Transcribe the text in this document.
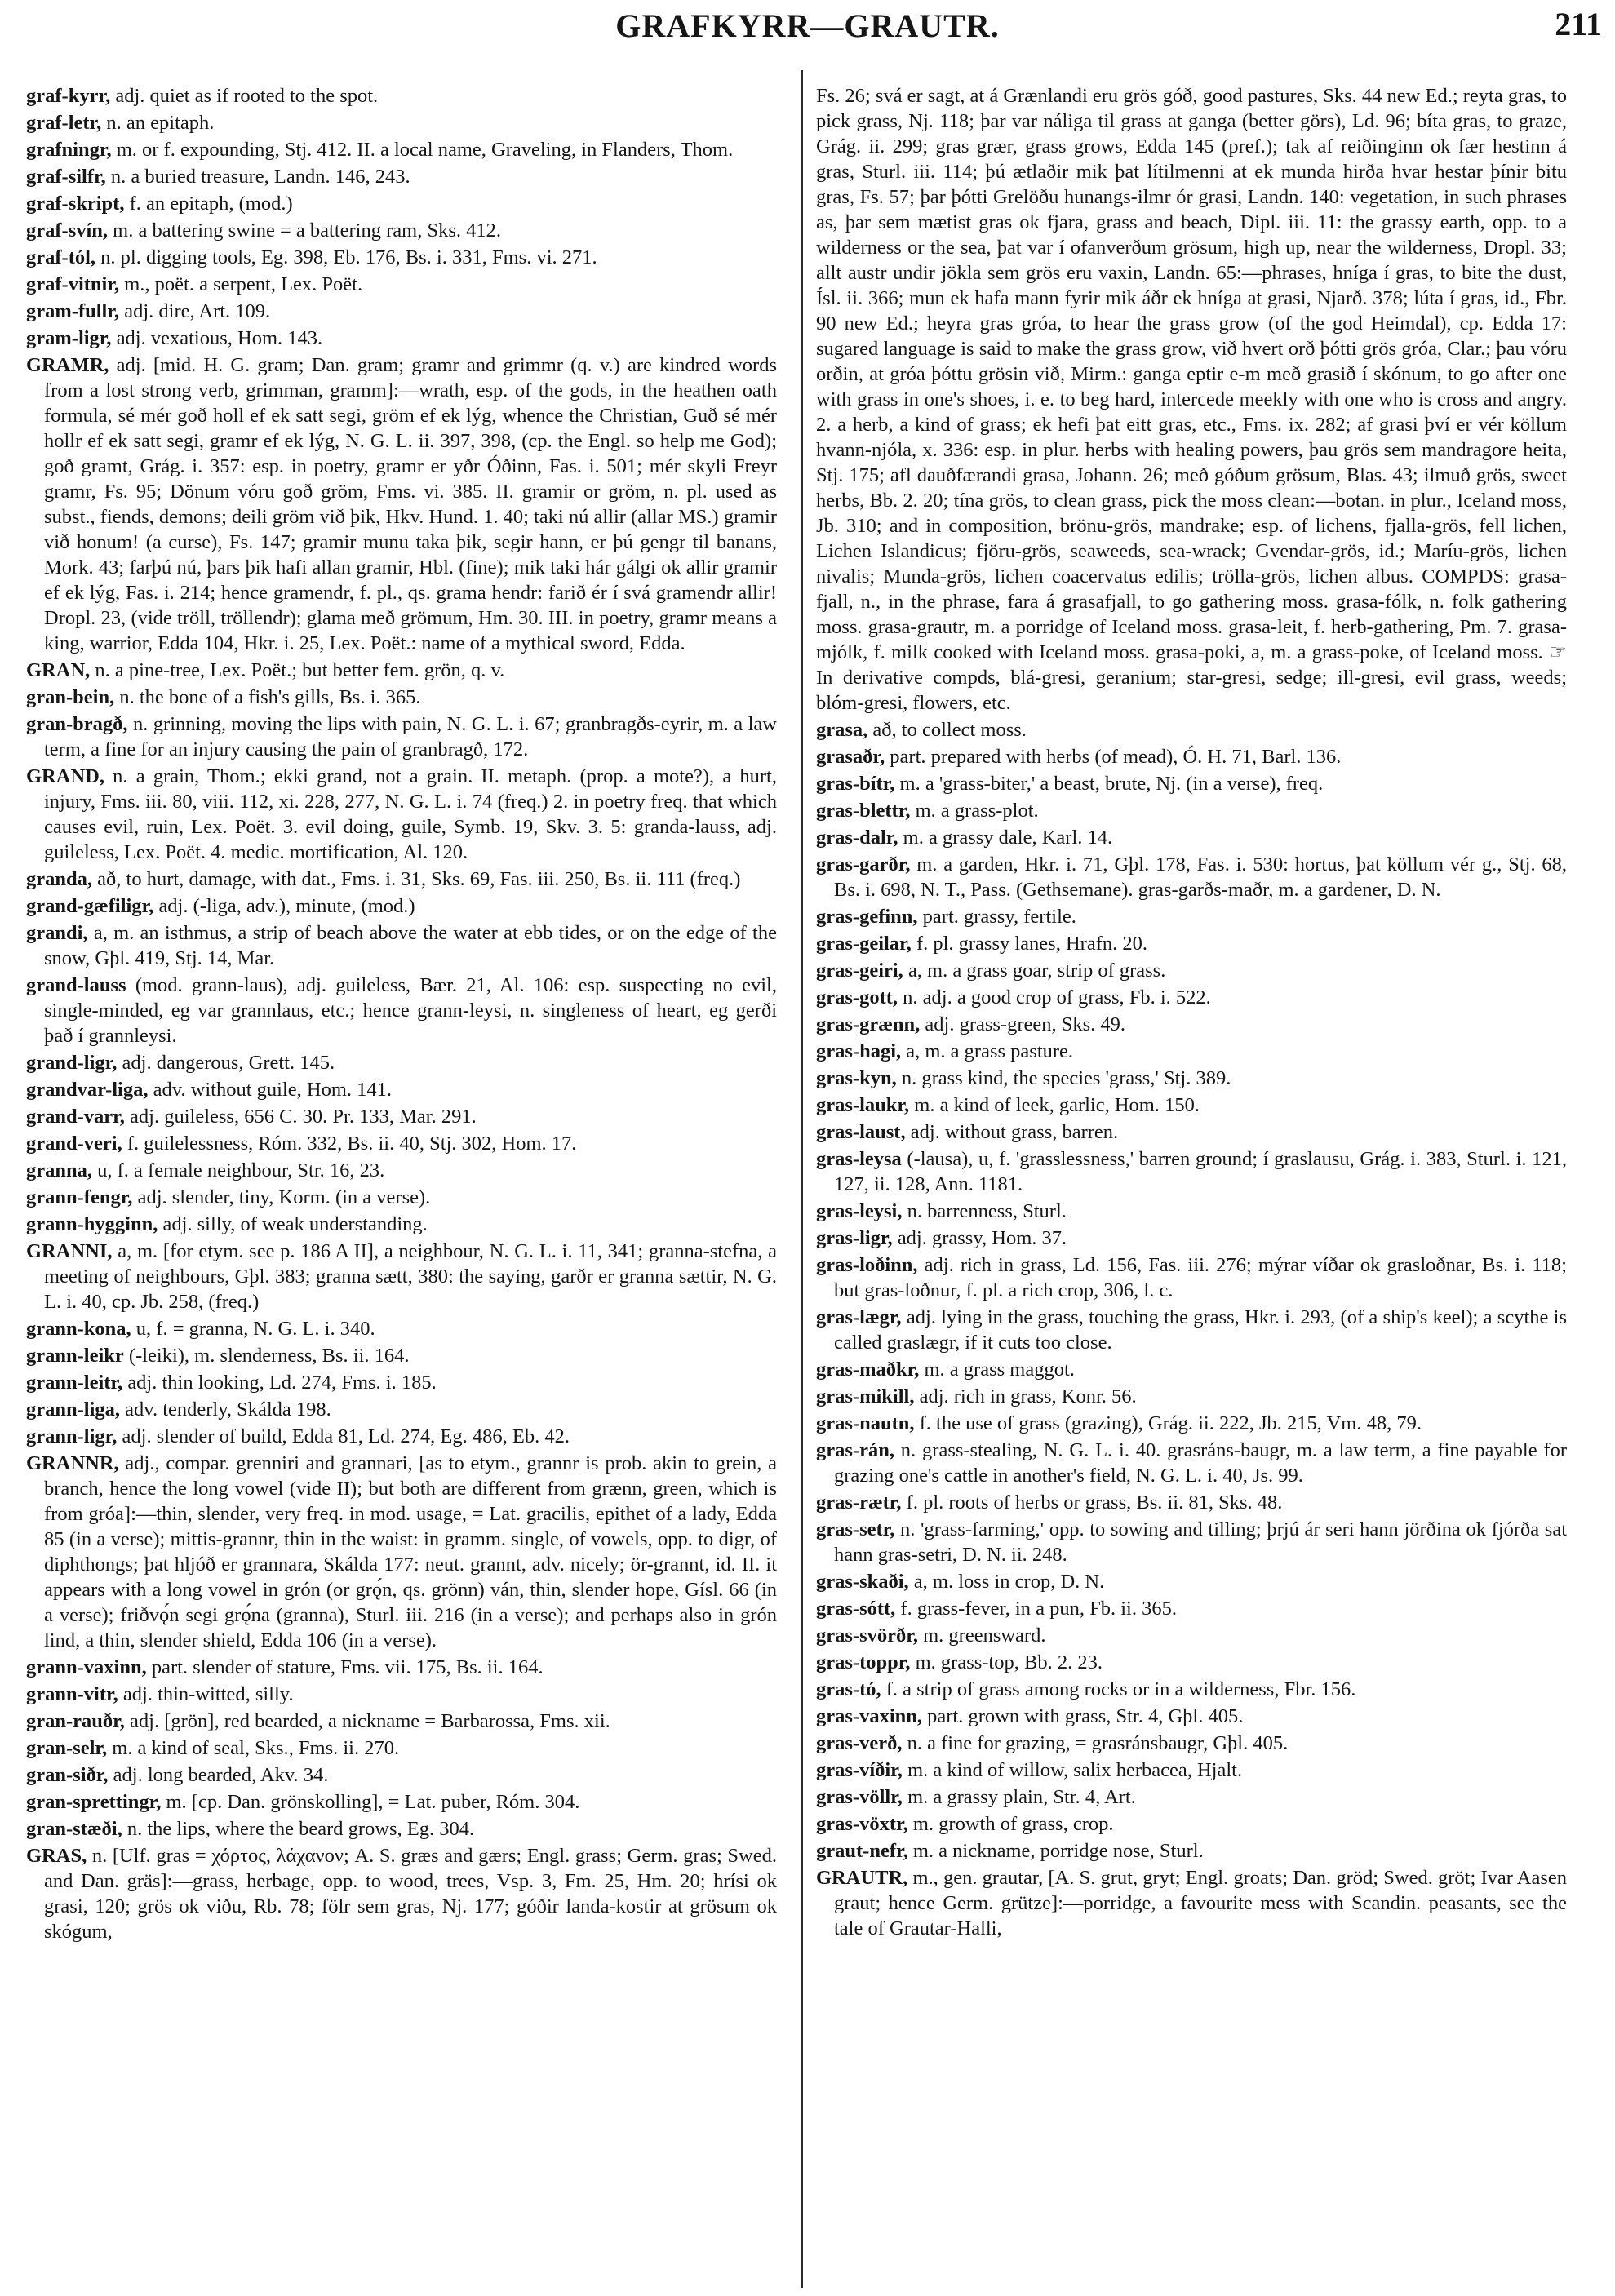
GRAFKYRR—GRAUTR.	211

graf-kyrr, adj. quiet as if rooted to the spot.

graf-letr, n. an epitaph.

grafningr, m. or f. expounding, Stj. 412. II. a local name, Graveling, in Flanders, Thom.

graf-silfr, n. a buried treasure, Landn. 146, 243.

graf-skript, f. an epitaph, (mod.)

graf-svín, m. a battering swine = a battering ram, Sks. 412.

graf-tól, n. pl. digging tools, Eg. 398, Eb. 176, Bs. i. 331, Fms. vi. 271.

graf-vitnir, m., poët. a serpent, Lex. Poët.

gram-fullr, adj. dire, Art. 109.

gram-ligr, adj. vexatious, Hom. 143.

GRAMR, adj. [mid. H. G. gram; Dan. gram; gramr and grimmr (q. v.) are kindred words from a lost strong verb, grimman, gramm]:—wrath, esp. of the gods, in the heathen oath formula, sé mér goð holl ef ek satt segi, gröm ef ek lýg, whence the Christian, Guð sé mér hollr ef ek satt segi, gramr ef ek lýg, N. G. L. ii. 397, 398, (cp. the Engl. so help me God); goð gramt, Grág. i. 357: esp. in poetry, gramr er yðr Óðinn, Fas. i. 501; mér skyli Freyr gramr, Fs. 95; Dönum vóru goð gröm, Fms. vi. 385. II. gramir or gröm, n. pl. used as subst., fiends, demons; deili gröm við þik, Hkv. Hund. 1. 40; taki nú allir (allar MS.) gramir við honum! (a curse), Fs. 147; gramir munu taka þik, segir hann, er þú gengr til banans, Mork. 43; farþú nú, þars þik hafi allan gramir, Hbl. (fine); mik taki hár gálgi ok allir gramir ef ek lýg, Fas. i. 214; hence gramendr, f. pl., qs. grama hendr: farið ér í svá gramendr allir! Dropl. 23, (vide tröll, tröllendr); glama með grömum, Hm. 30. III. in poetry, gramr means a king, warrior, Edda 104, Hkr. i. 25, Lex. Poët.: name of a mythical sword, Edda.

GRAN, n. a pine-tree, Lex. Poët.; but better fem. grön, q. v.

gran-bein, n. the bone of a fish's gills, Bs. i. 365.

gran-bragð, n. grinning, moving the lips with pain, N. G. L. i. 67; granbragðs-eyrir, m. a law term, a fine for an injury causing the pain of granbragð, 172.

GRAND, n. a grain, Thom.; ekki grand, not a grain. II. metaph. (prop. a mote?), a hurt, injury, Fms. iii. 80, viii. 112, xi. 228, 277, N. G. L. i. 74 (freq.) 2. in poetry freq. that which causes evil, ruin, Lex. Poët. 3. evil doing, guile, Symb. 19, Skv. 3. 5: granda-lauss, adj. guileless, Lex. Poët. 4. medic. mortification, Al. 120.

granda, að, to hurt, damage, with dat., Fms. i. 31, Sks. 69, Fas. iii. 250, Bs. ii. 111 (freq.)

grand-gæfiligr, adj. (-liga, adv.), minute, (mod.)

grandi, a, m. an isthmus, a strip of beach above the water at ebb tides, or on the edge of the snow, Gþl. 419, Stj. 14, Mar.

grand-lauss (mod. grann-laus), adj. guileless, Bær. 21, Al. 106: esp. suspecting no evil, single-minded, eg var grannlaus, etc.; hence grann-leysi, n. singleness of heart, eg gerði það í grannleysi.

grand-ligr, adj. dangerous, Grett. 145.

grandvar-liga, adv. without guile, Hom. 141.

grand-varr, adj. guileless, 656 C. 30. Pr. 133, Mar. 291.

grand-veri, f. guilelessness, Róm. 332, Bs. ii. 40, Stj. 302, Hom. 17.

granna, u, f. a female neighbour, Str. 16, 23.

grann-fengr, adj. slender, tiny, Korm. (in a verse).

grann-hygginn, adj. silly, of weak understanding.

GRANNI, a, m. [for etym. see p. 186 A II], a neighbour, N. G. L. i. 11, 341; granna-stefna, a meeting of neighbours, Gþl. 383; granna sætt, 380: the saying, garðr er granna sættir, N. G. L. i. 40, cp. Jb. 258, (freq.)

grann-kona, u, f. = granna, N. G. L. i. 340.

grann-leikr (-leiki), m. slenderness, Bs. ii. 164.

grann-leitr, adj. thin looking, Ld. 274, Fms. i. 185.

grann-liga, adv. tenderly, Skálda 198.

grann-ligr, adj. slender of build, Edda 81, Ld. 274, Eg. 486, Eb. 42.

GRANNR, adj., compar. grenniri and grannari, [as to etym., grannr is prob. akin to grein, a branch, hence the long vowel (vide II); but both are different from grænn, green, which is from gróa]:—thin, slender, very freq. in mod. usage, = Lat. gracilis, epithet of a lady, Edda 85 (in a verse); mittis-grannr, thin in the waist: in gramm. single, of vowels, opp. to digr, of diphthongs; þat hljóð er grannara, Skálda 177: neut. grannt, adv. nicely; ör-grannt, id. II. it appears with a long vowel in grón (or grǫ́n, qs. grönn) ván, thin, slender hope, Gísl. 66 (in a verse); friðvǫ́n segi grǫ́na (granna), Sturl. iii. 216 (in a verse); and perhaps also in grón lind, a thin, slender shield, Edda 106 (in a verse).

grann-vaxinn, part. slender of stature, Fms. vii. 175, Bs. ii. 164.

grann-vitr, adj. thin-witted, silly.

gran-rauðr, adj. [grön], red bearded, a nickname = Barbarossa, Fms. xii.

gran-selr, m. a kind of seal, Sks., Fms. ii. 270.

gran-siðr, adj. long bearded, Akv. 34.

gran-sprettingr, m. [cp. Dan. grönskolling], = Lat. puber, Róm. 304.

gran-stæði, n. the lips, where the beard grows, Eg. 304.

GRAS, n. [Ulf. gras = χόρτος, λάχανον; A. S. græs and gærs; Engl. grass; Germ. gras; Swed. and Dan. gräs]:—grass, herbage, opp. to wood, trees, Vsp. 3, Fm. 25, Hm. 20; hrísi ok grasi, 120; grös ok viðu, Rb. 78; fölr sem gras, Nj. 177; góðir landa-kostir at grösum ok skógum,

Fs. 26; svá er sagt, at á Grænlandi eru grös góð, good pastures, Sks. 44 new Ed.; reyta gras, to pick grass, Nj. 118; þar var náliga til grass at ganga (better görs), Ld. 96; bíta gras, to graze, Grág. ii. 299; gras grær, grass grows, Edda 145 (pref.); tak af reiðinginn ok fær hestinn á gras, Sturl. iii. 114; þú ætlaðir mik þat lítilmenni at ek munda hirða hvar hestar þínir bitu gras, Fs. 57; þar þótti Grelöðu hunangs-ilmr ór grasi, Landn. 140: vegetation, in such phrases as, þar sem mætist gras ok fjara, grass and beach, Dipl. iii. 11: the grassy earth, opp. to a wilderness or the sea, þat var í ofanverðum grösum, high up, near the wilderness, Dropl. 33; allt austr undir jökla sem grös eru vaxin, Landn. 65:—phrases, hníga í gras, to bite the dust, Ísl. ii. 366; mun ek hafa mann fyrir mik áðr ek hníga at grasi, Njarð. 378; lúta í gras, id., Fbr. 90 new Ed.; heyra gras gróa, to hear the grass grow (of the god Heimdal), cp. Edda 17: sugared language is said to make the grass grow, við hvert orð þótti grös gróa, Clar.; þau vóru orðin, at gróa þóttu grösin við, Mirm.: ganga eptir e-m með grasið í skónum, to go after one with grass in one's shoes, i. e. to beg hard, intercede meekly with one who is cross and angry. 2. a herb, a kind of grass; ek hefi þat eitt gras, etc., Fms. ix. 282; af grasi því er vér köllum hvann-njóla, x. 336: esp. in plur. herbs with healing powers, þau grös sem mandragore heita, Stj. 175; afl dauðfærandi grasa, Johann. 26; með góðum grösum, Blas. 43; ilmuð grös, sweet herbs, Bb. 2. 20; tína grös, to clean grass, pick the moss clean:—botan. in plur., Iceland moss, Jb. 310; and in composition, brönu-grös, mandrake; esp. of lichens, fjalla-grös, fell lichen, Lichen Islandicus; fjöru-grös, seaweeds, sea-wrack; Gvendar-grös, id.; Maríu-grös, lichen nivalis; Munda-grös, lichen coacervatus edilis; trölla-grös, lichen albus. COMPDS: grasa-fjall, n., in the phrase, fara á grasafjall, to go gathering moss. grasa-fólk, n. folk gathering moss. grasa-grautr, m. a porridge of Iceland moss. grasa-leit, f. herb-gathering, Pm. 7. grasa-mjólk, f. milk cooked with Iceland moss. grasa-poki, a, m. a grass-poke, of Iceland moss. ☞ In derivative compds, blá-gresi, geranium; star-gresi, sedge; ill-gresi, evil grass, weeds; blóm-gresi, flowers, etc.

grasa, að, to collect moss.

grasaðr, part. prepared with herbs (of mead), Ó. H. 71, Barl. 136.

gras-bítr, m. a 'grass-biter,' a beast, brute, Nj. (in a verse), freq.

gras-blettr, m. a grass-plot.

gras-dalr, m. a grassy dale, Karl. 14.

gras-garðr, m. a garden, Hkr. i. 71, Gþl. 178, Fas. i. 530: hortus, þat köllum vér g., Stj. 68, Bs. i. 698, N. T., Pass. (Gethsemane). gras-garðs-maðr, m. a gardener, D. N.

gras-gefinn, part. grassy, fertile.

gras-geilar, f. pl. grassy lanes, Hrafn. 20.

gras-geiri, a, m. a grass goar, strip of grass.

gras-gott, n. adj. a good crop of grass, Fb. i. 522.

gras-grænn, adj. grass-green, Sks. 49.

gras-hagi, a, m. a grass pasture.

gras-kyn, n. grass kind, the species 'grass,' Stj. 389.

gras-laukr, m. a kind of leek, garlic, Hom. 150.

gras-laust, adj. without grass, barren.

gras-leysa (-lausa), u, f. 'grasslessness,' barren ground; í graslausu, Grág. i. 383, Sturl. i. 121, 127, ii. 128, Ann. 1181.

gras-leysi, n. barrenness, Sturl.

gras-ligr, adj. grassy, Hom. 37.

gras-loðinn, adj. rich in grass, Ld. 156, Fas. iii. 276; mýrar víðar ok grasloðnar, Bs. i. 118; but gras-loðnur, f. pl. a rich crop, 306, l. c.

gras-lægr, adj. lying in the grass, touching the grass, Hkr. i. 293, (of a ship's keel); a scythe is called graslægr, if it cuts too close.

gras-maðkr, m. a grass maggot.

gras-mikill, adj. rich in grass, Konr. 56.

gras-nautn, f. the use of grass (grazing), Grág. ii. 222, Jb. 215, Vm. 48, 79.

gras-rán, n. grass-stealing, N. G. L. i. 40. grasráns-baugr, m. a law term, a fine payable for grazing one's cattle in another's field, N. G. L. i. 40, Js. 99.

gras-rætr, f. pl. roots of herbs or grass, Bs. ii. 81, Sks. 48.

gras-setr, n. 'grass-farming,' opp. to sowing and tilling; þrjú ár seri hann jörðina ok fjórða sat hann gras-setri, D. N. ii. 248.

gras-skaði, a, m. loss in crop, D. N.

gras-sótt, f. grass-fever, in a pun, Fb. ii. 365.

gras-svörðr, m. greensward.

gras-toppr, m. grass-top, Bb. 2. 23.

gras-tó, f. a strip of grass among rocks or in a wilderness, Fbr. 156.

gras-vaxinn, part. grown with grass, Str. 4, Gþl. 405.

gras-verð, n. a fine for grazing, = grasránsbaugr, Gþl. 405.

gras-víðir, m. a kind of willow, salix herbacea, Hjalt.

gras-völlr, m. a grassy plain, Str. 4, Art.

gras-vöxtr, m. growth of grass, crop.

graut-nefr, m. a nickname, porridge nose, Sturl.

GRAUTR, m., gen. grautar, [A. S. grut, gryt; Engl. groats; Dan. gröd; Swed. gröt; Ivar Aasen graut; hence Germ. grütze]:—porridge, a favourite mess with Scandin. peasants, see the tale of Grautar-Halli,
